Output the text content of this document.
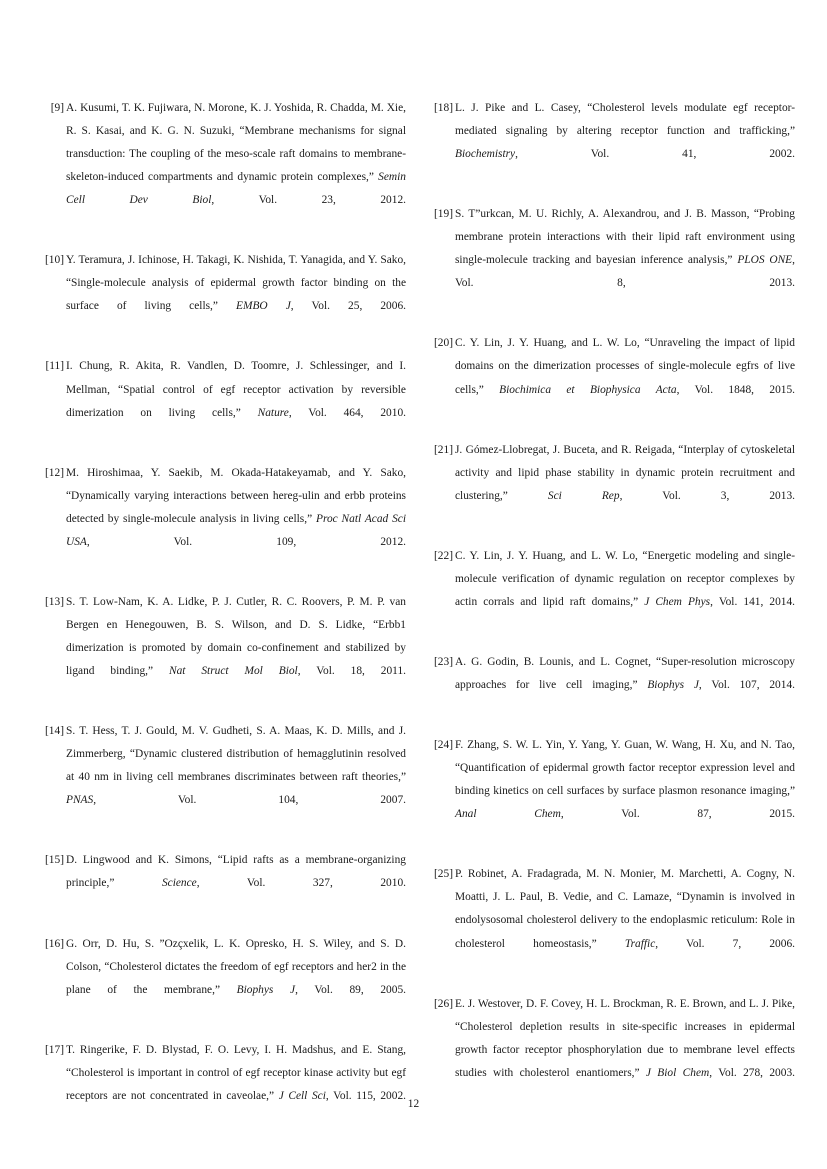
[9] A. Kusumi, T. K. Fujiwara, N. Morone, K. J. Yoshida, R. Chadda, M. Xie, R. S. Kasai, and K. G. N. Suzuki, “Membrane mechanisms for signal transduction: The coupling of the meso-scale raft domains to membrane-skeleton-induced compartments and dynamic protein complexes,” Semin Cell Dev Biol, Vol. 23, 2012.
[10] Y. Teramura, J. Ichinose, H. Takagi, K. Nishida, T. Yanagida, and Y. Sako, “Single-molecule analysis of epidermal growth factor binding on the surface of living cells,” EMBO J, Vol. 25, 2006.
[11] I. Chung, R. Akita, R. Vandlen, D. Toomre, J. Schlessinger, and I. Mellman, “Spatial control of egf receptor activation by reversible dimerization on living cells,” Nature, Vol. 464, 2010.
[12] M. Hiroshimaa, Y. Saekib, M. Okada-Hatakeyamab, and Y. Sako, “Dynamically varying interactions between hereg-ulin and erbb proteins detected by single-molecule analysis in living cells,” Proc Natl Acad Sci USA, Vol. 109, 2012.
[13] S. T. Low-Nam, K. A. Lidke, P. J. Cutler, R. C. Roovers, P. M. P. van Bergen en Henegouwen, B. S. Wilson, and D. S. Lidke, “Erbb1 dimerization is promoted by domain co-confinement and stabilized by ligand binding,” Nat Struct Mol Biol, Vol. 18, 2011.
[14] S. T. Hess, T. J. Gould, M. V. Gudheti, S. A. Maas, K. D. Mills, and J. Zimmerberg, “Dynamic clustered distribution of hemagglutinin resolved at 40 nm in living cell membranes discriminates between raft theories,” PNAS, Vol. 104, 2007.
[15] D. Lingwood and K. Simons, “Lipid rafts as a membrane-organizing principle,” Science, Vol. 327, 2010.
[16] G. Orr, D. Hu, S. ”Ozçxelik, L. K. Opresko, H. S. Wiley, and S. D. Colson, “Cholesterol dictates the freedom of egf receptors and her2 in the plane of the membrane,” Biophys J, Vol. 89, 2005.
[17] T. Ringerike, F. D. Blystad, F. O. Levy, I. H. Madshus, and E. Stang, “Cholesterol is important in control of egf receptor kinase activity but egf receptors are not concentrated in caveolae,” J Cell Sci, Vol. 115, 2002.
[18] L. J. Pike and L. Casey, “Cholesterol levels modulate egf receptor-mediated signaling by altering receptor function and trafficking,” Biochemistry, Vol. 41, 2002.
[19] S. T”urkcan, M. U. Richly, A. Alexandrou, and J. B. Masson, “Probing membrane protein interactions with their lipid raft environment using single-molecule tracking and bayesian inference analysis,” PLOS ONE, Vol. 8, 2013.
[20] C. Y. Lin, J. Y. Huang, and L. W. Lo, “Unraveling the impact of lipid domains on the dimerization processes of single-molecule egfrs of live cells,” Biochimica et Biophysica Acta, Vol. 1848, 2015.
[21] J. Gómez-Llobregat, J. Buceta, and R. Reigada, “Interplay of cytoskeletal activity and lipid phase stability in dynamic protein recruitment and clustering,” Sci Rep, Vol. 3, 2013.
[22] C. Y. Lin, J. Y. Huang, and L. W. Lo, “Energetic modeling and single-molecule verification of dynamic regulation on receptor complexes by actin corrals and lipid raft domains,” J Chem Phys, Vol. 141, 2014.
[23] A. G. Godin, B. Lounis, and L. Cognet, “Super-resolution microscopy approaches for live cell imaging,” Biophys J, Vol. 107, 2014.
[24] F. Zhang, S. W. L. Yin, Y. Yang, Y. Guan, W. Wang, H. Xu, and N. Tao, “Quantification of epidermal growth factor receptor expression level and binding kinetics on cell surfaces by surface plasmon resonance imaging,” Anal Chem, Vol. 87, 2015.
[25] P. Robinet, A. Fradagrada, M. N. Monier, M. Marchetti, A. Cogny, N. Moatti, J. L. Paul, B. Vedie, and C. Lamaze, “Dynamin is involved in endolysosomal cholesterol delivery to the endoplasmic reticulum: Role in cholesterol homeostasis,” Traffic, Vol. 7, 2006.
[26] E. J. Westover, D. F. Covey, H. L. Brockman, R. E. Brown, and L. J. Pike, “Cholesterol depletion results in site-specific increases in epidermal growth factor receptor phosphorylation due to membrane level effects studies with cholesterol enantiomers,” J Biol Chem, Vol. 278, 2003.
12
